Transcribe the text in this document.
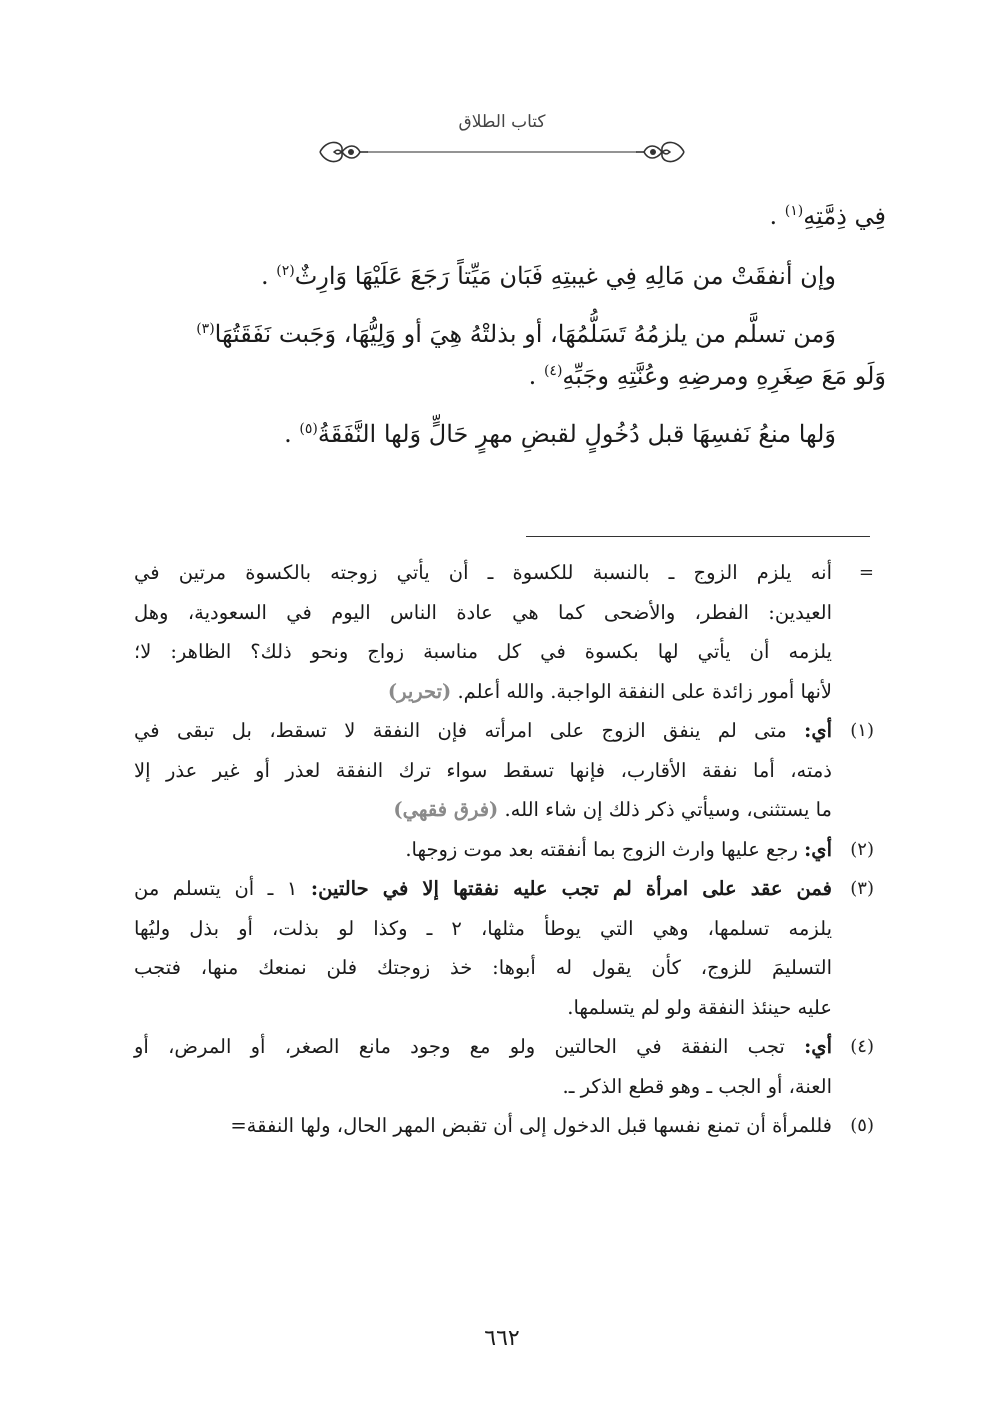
كتاب الطلاق

فِي ذِمَّتِهِ$^{(١)}$ .

وإن أنفقَتْ من مَالِهِ فِي غيبتِهِ فَبَان مَيِّتاً رَجَعَ عَلَيْهَا وَارِثٌ$^{(٢)}$ .

وَمن تسلَّم من يلزمُهُ تَسَلُّمُهَا، أو بذلتْهُ هِيَ أو وَلِيُّهَا، وَجَبت نَفَقَتُهَا$^{(٣)}$

وَلَو مَعَ صِغَرِهِ ومرضِهِ وعُنَّتِهِ وجَبِّهِ$^{(٤)}$ .

وَلها منعُ نَفسِهَا قبل دُخُولٍ لقبضِ مهرٍ حَالٍّ وَلها النَّفَقَةُ$^{(٥)}$ .

=
أنه يلزم الزوج ـ بالنسبة للكسوة ـ أن يأتي زوجته بالكسوة مرتين في
العيدين: الفطر، والأضحى كما هي عادة الناس اليوم في السعودية، وهل
يلزمه أن يأتي لها بكسوة في كل مناسبة زواج ونحو ذلك؟ الظاهر: لا؛
لأنها أمور زائدة على النفقة الواجبة. والله أعلم. (تحرير)
(١)
أي: متى لم ينفق الزوج على امرأته فإن النفقة لا تسقط، بل تبقى في
ذمته، أما نفقة الأقارب، فإنها تسقط سواء ترك النفقة لعذر أو غير عذر إلا
ما يستثنى، وسيأتي ذكر ذلك إن شاء الله. (فرق فقهي)
(٢)
أي: رجع عليها وارث الزوج بما أنفقته بعد موت زوجها.
(٣)
فمن عقد على امرأة لم تجب عليه نفقتها إلا في حالتين: ١ ـ أن يتسلم من
يلزمه تسلمها، وهي التي يوطأ مثلها، ٢ ـ وكذا لو بذلت، أو بذل وليُها
التسليمَ للزوج، كأن يقول له أبوها: خذ زوجتك فلن نمنعك منها، فتجب
عليه حينئذ النفقة ولو لم يتسلمها.
(٤)
أي: تجب النفقة في الحالتين ولو مع وجود مانع الصغر، أو المرض، أو
العنة، أو الجب ـ وهو قطع الذكر ـ.
(٥)
فللمرأة أن تمنع نفسها قبل الدخول إلى أن تقبض المهر الحال، ولها النفقة=
٦٦٢
